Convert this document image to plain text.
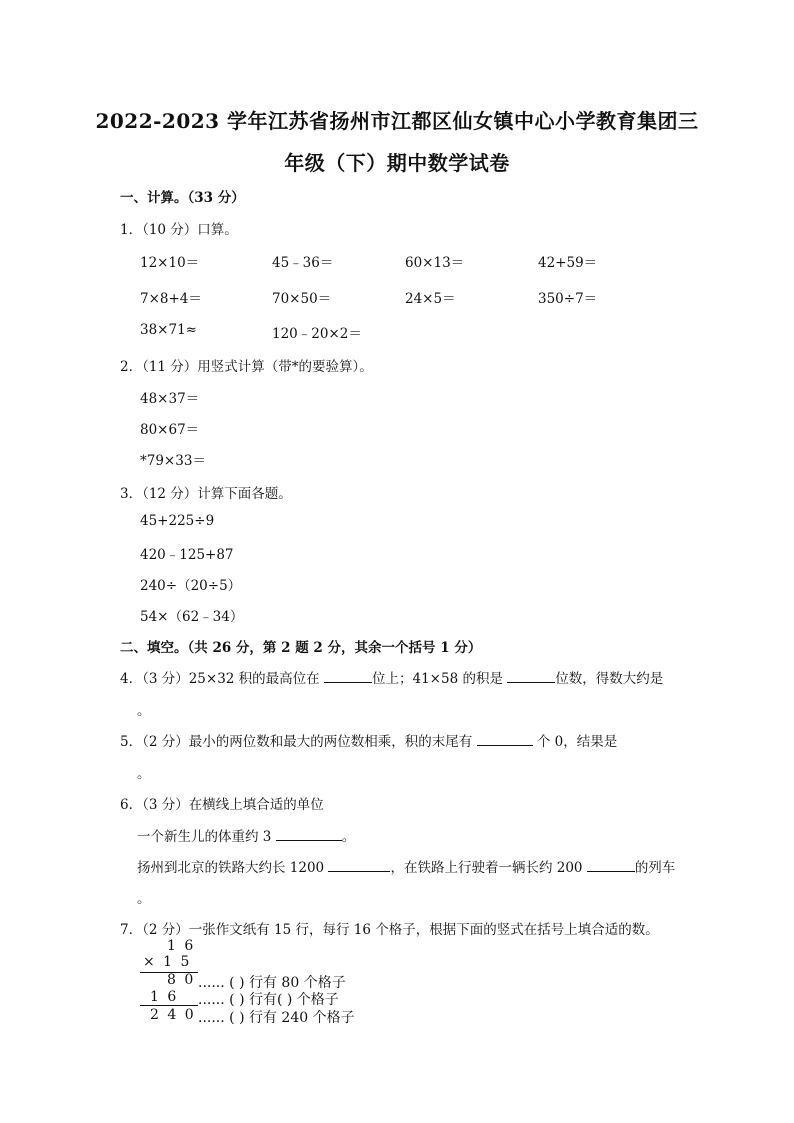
2022-2023 学年江苏省扬州市江都区仙女镇中心小学教育集团三
年级（下）期中数学试卷
一、计算。（33 分）
1．（10 分）口算。
12×10＝	45﹣36＝	60×13＝	42+59＝
7×8+4＝	70×50＝	24×5＝	350÷7＝
38×71≈	120﹣20×2＝
2．（11 分）用竖式计算（带*的要验算）。
48×37＝
80×67＝
*79×33＝
3．（12 分）计算下面各题。
45+225÷9
420﹣125+87
240÷（20÷5）
54×（62﹣34）
二、填空。（共 26 分，第 2 题 2 分，其余一个括号 1 分）
4．（3 分）25×32 积的最高位在	位上；41×58 的积是	位数，得数大约是
。
5．（2 分）最小的两位数和最大的两位数相乘，积的末尾有	个 0，结果是
。
6．（3 分）在横线上填合适的单位
一个新生儿的体重约 3	。
扬州到北京的铁路大约长 1200	，在铁路上行驶着一辆长约 200	的列车
。
7．（2 分）一张作文纸有 15 行，每行 16 个格子，根据下面的竖式在括号上填合适的数。
1 6
× 1 5
8 0 ...... ( ) 行有 80 个格子
1 6 ...... ( ) 行有( ) 个格子
2 4 0 ...... ( ) 行有 240 个格子
